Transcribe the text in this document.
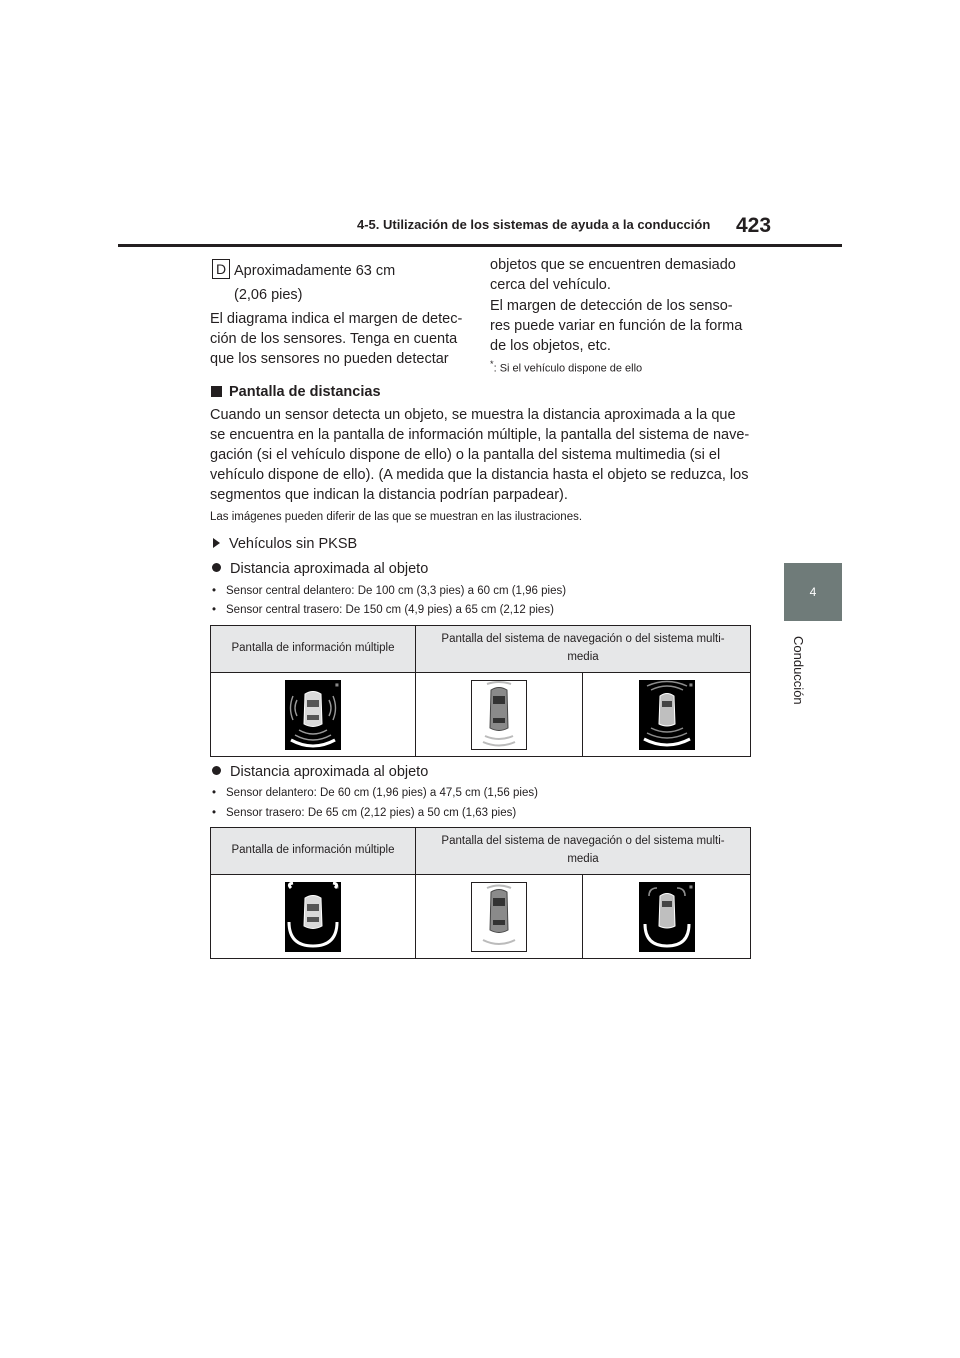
4-5. Utilización de los sistemas de ayuda a la conducción 423
4
Conducción
D Aproximadamente 63 cm
(2,06 pies)
El diagrama indica el margen de detec-
ción de los sensores. Tenga en cuenta
que los sensores no pueden detectar
objetos que se encuentren demasiado
cerca del vehículo.
El margen de detección de los senso-
res puede variar en función de la forma
de los objetos, etc.
*: Si el vehículo dispone de ello
Pantalla de distancias
Cuando un sensor detecta un objeto, se muestra la distancia aproximada a la que
se encuentra en la pantalla de información múltiple, la pantalla del sistema de nave-
gación (si el vehículo dispone de ello) o la pantalla del sistema multimedia (si el
vehículo dispone de ello). (A medida que la distancia hasta el objeto se reduzca, los
segmentos que indican la distancia podrían parpadear).
Las imágenes pueden diferir de las que se muestran en las ilustraciones.
Vehículos sin PKSB
Distancia aproximada al objeto
• Sensor central delantero: De 100 cm (3,3 pies) a 60 cm (1,96 pies)
• Sensor central trasero: De 150 cm (4,9 pies) a 65 cm (2,12 pies)
Pantalla de información múltiple	Pantalla del sistema de navegación o del sistema multi-
media	

■		■
Distancia aproximada al objeto
• Sensor delantero: De 60 cm (1,96 pies) a 47,5 cm (1,56 pies)
• Sensor trasero: De 65 cm (2,12 pies) a 50 cm (1,63 pies)
Pantalla de información múltiple	Pantalla del sistema de navegación o del sistema multi-
media	

■		■
